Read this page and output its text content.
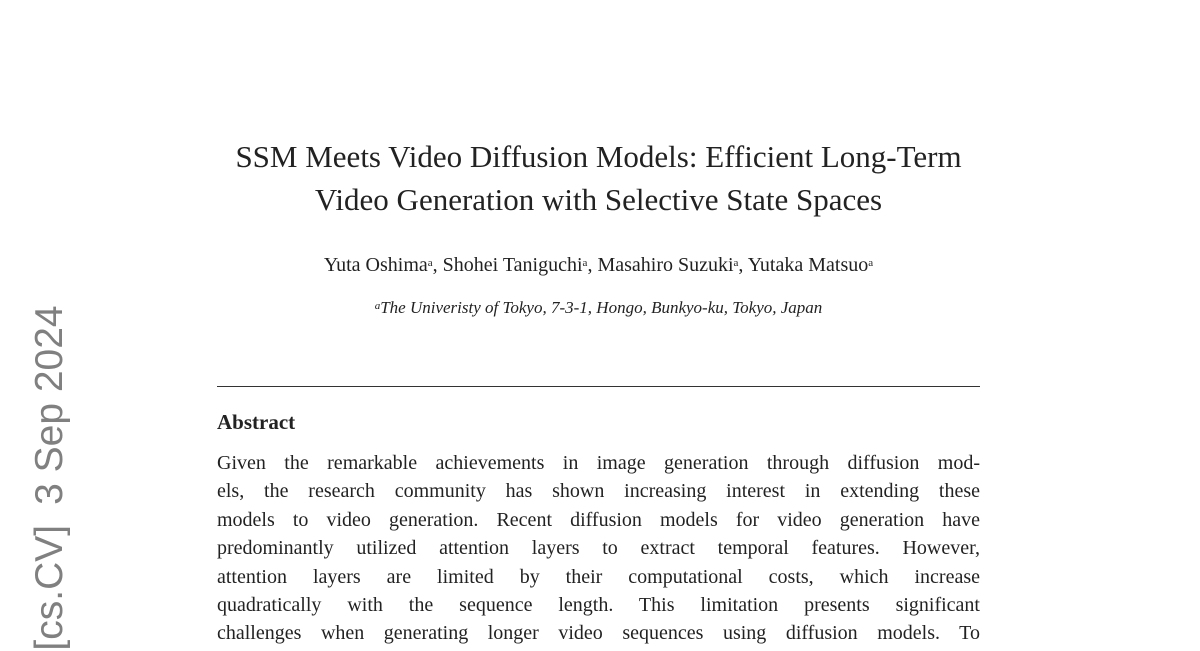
[cs.CV]3 Sep 2024
SSM Meets Video Diffusion Models: Efficient Long-Term
Video Generation with Selective State Spaces
Yuta Oshima$^a$, Shohei Taniguchi$^a$, Masahiro Suzuki$^a$, Yutaka Matsuo$^a$
$^a$The Univeristy of Tokyo, 7-3-1, Hongo, Bunkyo-ku, Tokyo, Japan
Abstract
Given the remarkable achievements in image generation through diffusion mod-
els, the research community has shown increasing interest in extending these
models to video generation. Recent diffusion models for video generation have
predominantly utilized attention layers to extract temporal features. However,
attention layers are limited by their computational costs, which increase
quadratically with the sequence length. This limitation presents significant
challenges when generating longer video sequences using diffusion models. To
